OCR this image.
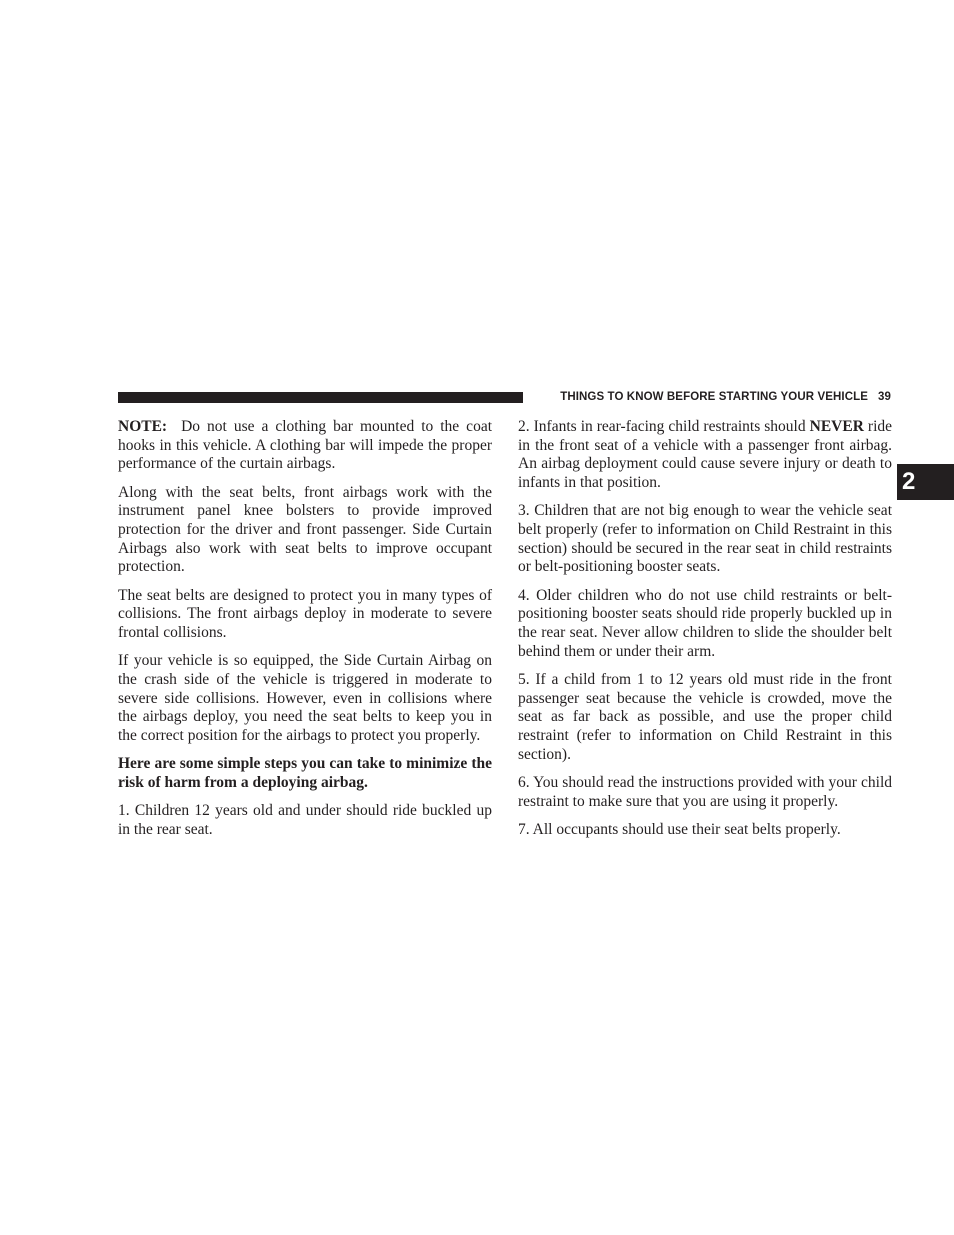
THINGS TO KNOW BEFORE STARTING YOUR VEHICLE 39
2

NOTE: Do not use a clothing bar mounted to the coat hooks in this vehicle. A clothing bar will impede the proper performance of the curtain airbags.

Along with the seat belts, front airbags work with the instrument panel knee bolsters to provide improved protection for the driver and front passenger. Side Curtain Airbags also work with seat belts to improve occupant protection.

The seat belts are designed to protect you in many types of collisions. The front airbags deploy in moderate to severe frontal collisions.

If your vehicle is so equipped, the Side Curtain Airbag on the crash side of the vehicle is triggered in moderate to severe side collisions. However, even in collisions where the airbags deploy, you need the seat belts to keep you in the correct position for the airbags to protect you properly.

Here are some simple steps you can take to minimize the risk of harm from a deploying airbag.

1. Children 12 years old and under should ride buckled up in the rear seat.

2. Infants in rear-facing child restraints should NEVER ride in the front seat of a vehicle with a passenger front airbag. An airbag deployment could cause severe injury or death to infants in that position.

3. Children that are not big enough to wear the vehicle seat belt properly (refer to information on Child Restraint in this section) should be secured in the rear seat in child restraints or belt-positioning booster seats.

4. Older children who do not use child restraints or belt-positioning booster seats should ride properly buckled up in the rear seat. Never allow children to slide the shoulder belt behind them or under their arm.

5. If a child from 1 to 12 years old must ride in the front passenger seat because the vehicle is crowded, move the seat as far back as possible, and use the proper child restraint (refer to information on Child Restraint in this section).

6. You should read the instructions provided with your child restraint to make sure that you are using it properly.

7. All occupants should use their seat belts properly.
